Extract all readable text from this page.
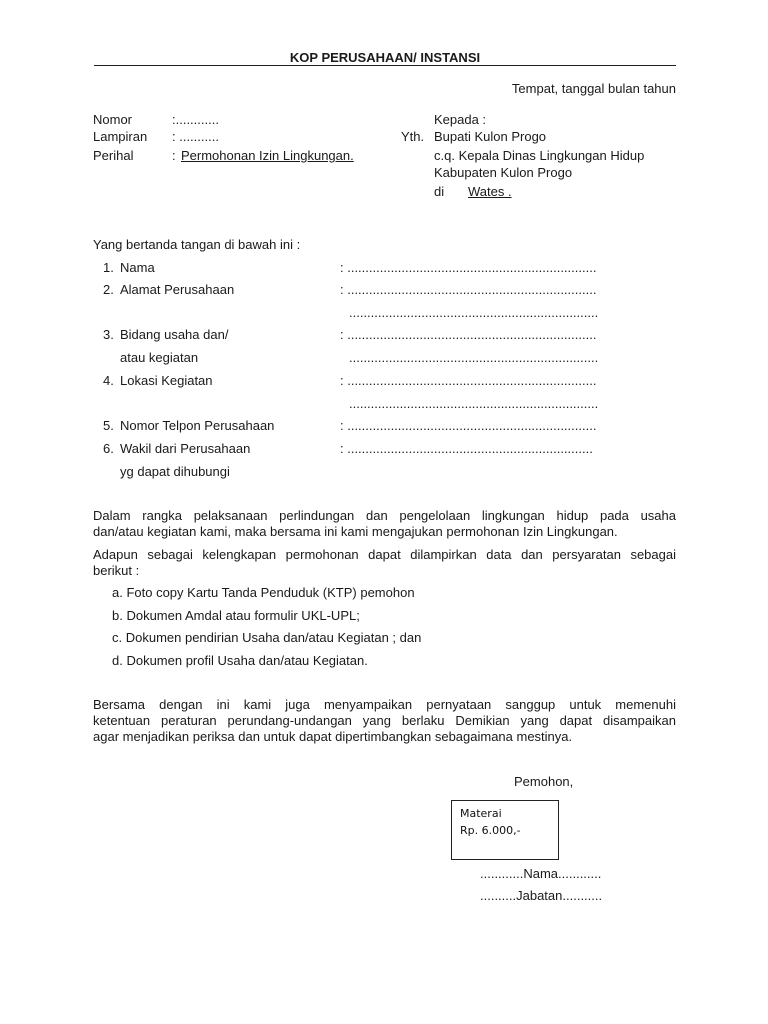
KOP PERUSAHAAN/ INSTANSI
Tempat, tanggal bulan tahun
Nomor	:............
Lampiran : ...........
Perihal	: Permohonan Izin Lingkungan.
Kepada :
Yth. Bupati Kulon Progo
c.q. Kepala Dinas Lingkungan Hidup
Kabupaten Kulon Progo
di Wates .
Yang bertanda tangan di bawah ini :
1. Nama	: .....................................................................
2. Alamat Perusahaan	: .....................................................................
.....................................................................
3. Bidang usaha dan/	: .....................................................................
atau kegiatan	.....................................................................
4. Lokasi Kegiatan	: .....................................................................
.....................................................................
5. Nomor Telpon Perusahaan	: .....................................................................
6. Wakil dari Perusahaan	: ....................................................................
yg dapat dihubungi
Dalam rangka pelaksanaan perlindungan dan pengelolaan lingkungan hidup pada usaha
dan/atau kegiatan kami, maka bersama ini kami mengajukan permohonan Izin Lingkungan.
Adapun sebagai kelengkapan permohonan dapat dilampirkan data dan persyaratan sebagai
berikut :
a. Foto copy Kartu Tanda Penduduk (KTP) pemohon
b. Dokumen Amdal atau formulir UKL-UPL;
c. Dokumen pendirian Usaha dan/atau Kegiatan ; dan
d. Dokumen profil Usaha dan/atau Kegiatan.
Bersama dengan ini kami juga menyampaikan pernyataan sanggup untuk memenuhi
ketentuan peraturan perundang-undangan yang berlaku Demikian yang dapat disampaikan
agar menjadikan periksa dan untuk dapat dipertimbangkan sebagaimana mestinya.
Pemohon,
Materai
Rp. 6.000,-
............Nama............
..........Jabatan...........
